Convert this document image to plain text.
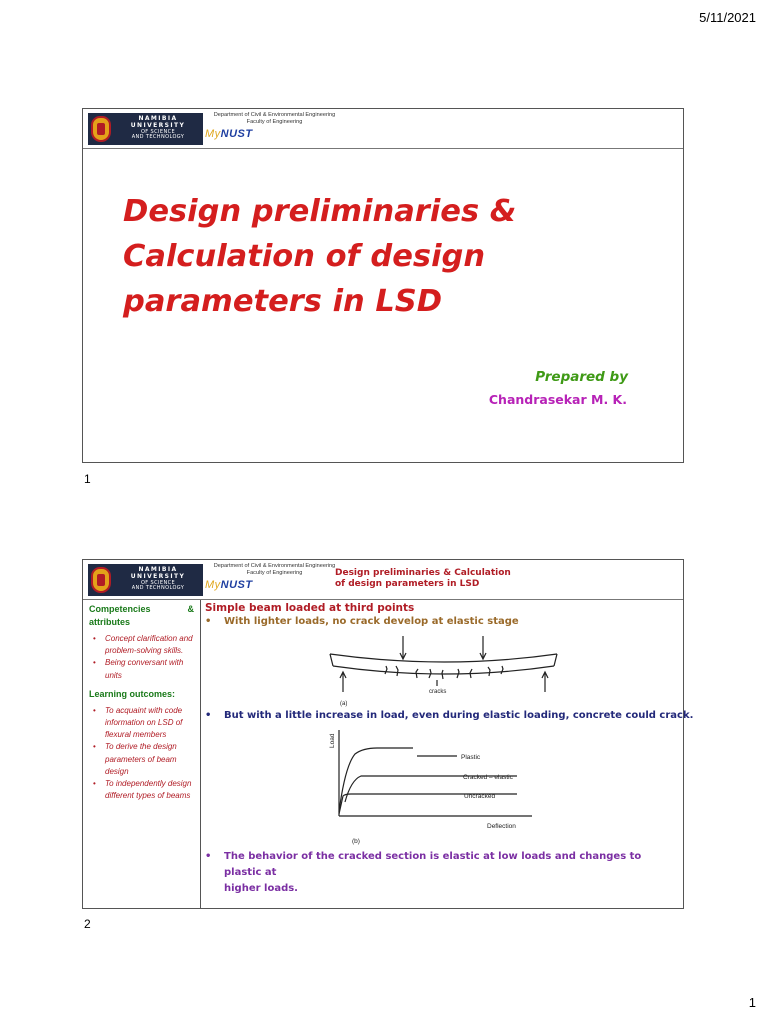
5/11/2021
NAMIBIA
UNIVERSITY
OF SCIENCE
AND TECHNOLOGY
Department of Civil & Environmental Engineering
Faculty of Engineering
MyNUST
Design preliminaries &
Calculation of design
parameters in LSD
Prepared by
Chandrasekar M. K.
1
NAMIBIA
UNIVERSITY
OF SCIENCE
AND TECHNOLOGY
Department of Civil & Environmental Engineering
Faculty of Engineering
MyNUST
Design preliminaries & Calculation
of design parameters in LSD
Competencies	&
attributes
• Concept clarification and problem-solving skills.
• Being conversant with units
Learning outcomes:
• To acquaint with code information on LSD of flexural members
• To derive the design parameters of beam design
• To independently design different types of beams
Simple beam loaded at third points
•	With lighter loads, no crack develop at elastic stage
cracks
(a)
•	But with a little increase in load, even during elastic loading, concrete could crack.
Load
Plastic
Cracked – elastic
Uncracked
Deflection
(b)
•	The behavior of the cracked section is elastic at low loads and changes to plastic at
higher loads.
2
1
